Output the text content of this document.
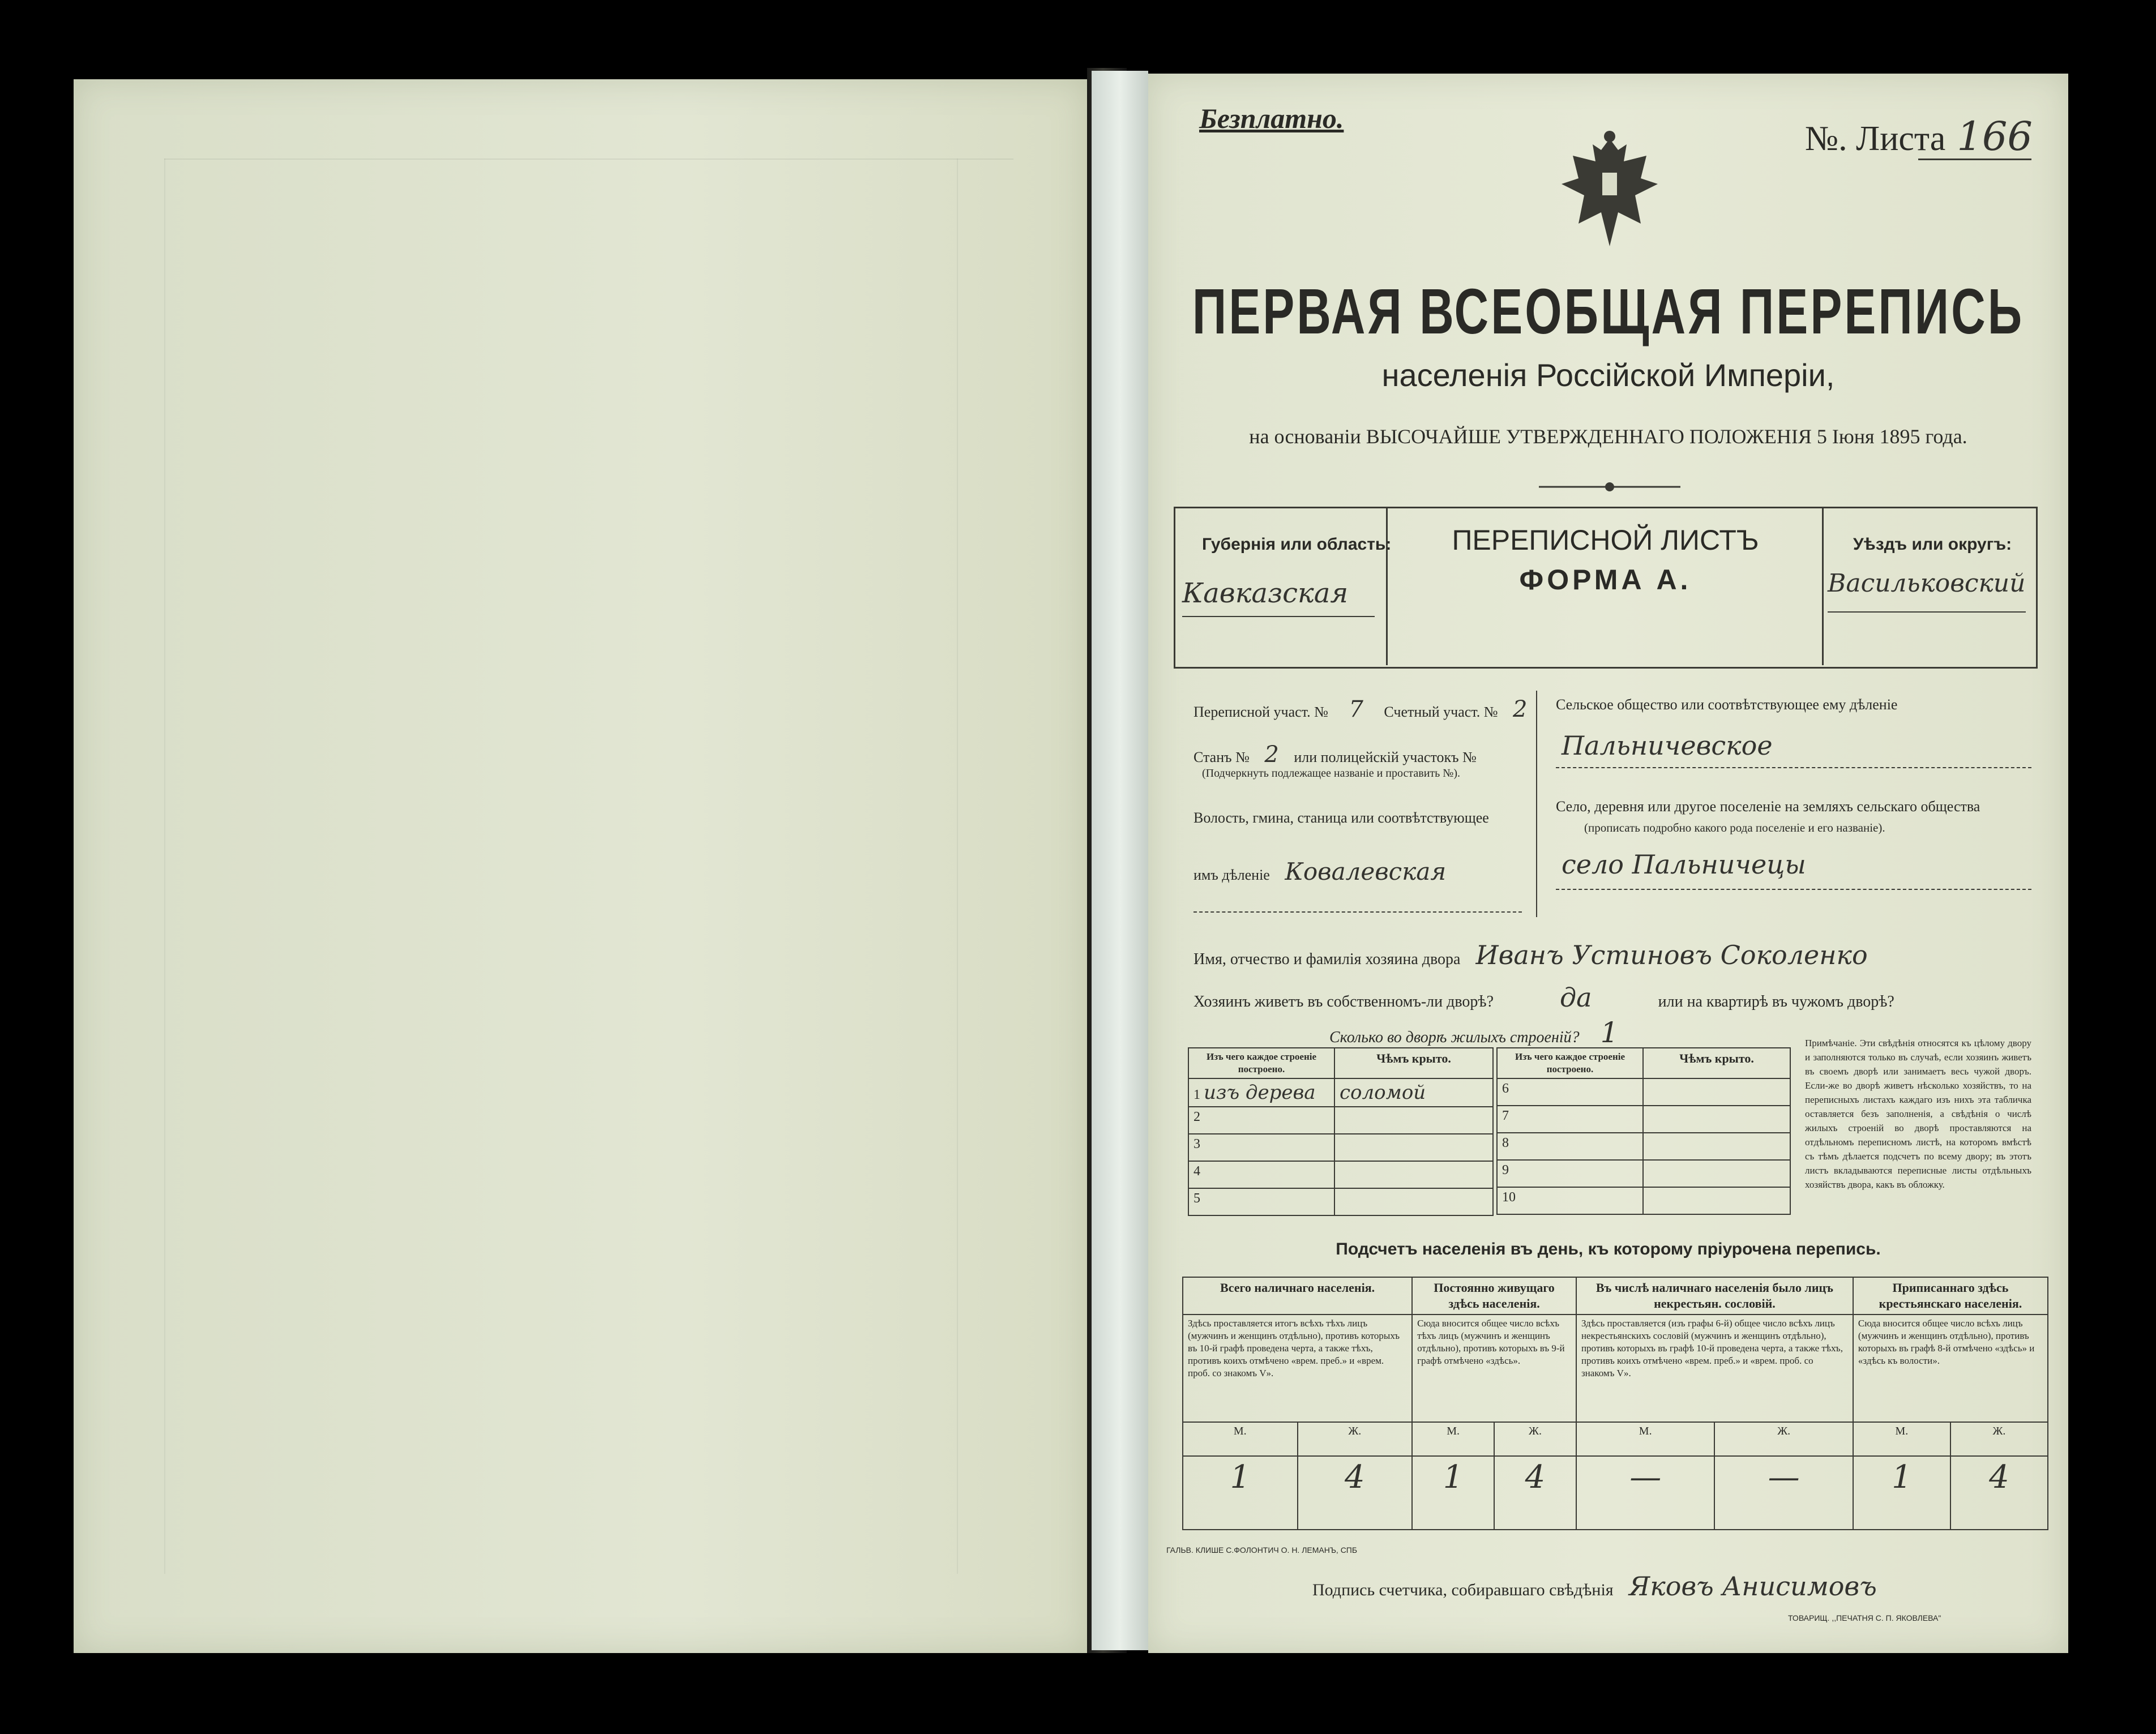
Безплатно.
№. Листа 166
ПЕРВАЯ ВСЕОБЩАЯ ПЕРЕПИСЬ
населенія Россійской Имперіи,
на основаніи ВЫСОЧАЙШЕ УТВЕРЖДЕННАГО ПОЛОЖЕНІЯ 5 Іюня 1895 года.
Губернія или область:
Кавказская
ПЕРЕПИСНОЙ ЛИСТЪ
ФОРМА А.
Уѣздъ или округъ:
Васильковский
Переписной участ. № 7 Счетный участ. № 2
Станъ № 2 или полицейскій участокъ №
(Подчеркнуть подлежащее названіе и проставить №).
Волость, гмина, станица или соотвѣтствующее
имъ дѣленіе Ковалевская
Сельское общество или соотвѣтствующее ему дѣленіе
Пальничевское
Село, деревня или другое поселеніе на земляхъ сельскаго общества
(прописать подробно какого рода поселеніе и его названіе).
село Пальничецы
Имя, отчество и фамилія хозяина двора Иванъ Устиновъ Соколенко
Хозяинъ живетъ въ собственномъ-ли дворѣ?	да	или на квартирѣ въ чужомъ дворѣ?
Сколько во дворѣ жилыхъ строеній? 1
Изъ чего каждое строеніе построено.	Чѣмъ крыто.
1 изъ дерева	соломой
2	
3	
4	
5	
Изъ чего каждое строеніе построено.	Чѣмъ крыто.
6	
7	
8	
9	
10	
Примѣчаніе. Эти свѣдѣнія относятся къ цѣлому двору и заполняются только въ случаѣ, если хозяинъ живетъ въ своемъ дворѣ или занимаетъ весь чужой дворъ. Если-же во дворѣ живетъ нѣсколько хозяйствъ, то на переписныхъ листахъ каждаго изъ нихъ эта табличка оставляется безъ заполненія, а свѣдѣнія о числѣ жилыхъ строеній во дворѣ проставляются на отдѣльномъ переписномъ листѣ, на которомъ вмѣстѣ съ тѣмъ дѣлается подсчетъ по всему двору; въ этотъ листъ вкладываются переписные листы отдѣльныхъ хозяйствъ двора, какъ въ обложку.
Подсчетъ населенія въ день, къ которому пріурочена перепись.
Всего наличнаго населенія.		Постоянно живущаго здѣсь населенія.		Въ числѣ наличнаго населенія было лицъ некрестьян. сословій.		Приписаннаго здѣсь крестьянскаго населенія.	
Здѣсь проставляется итогъ всѣхъ тѣхъ лицъ (мужчинъ и женщинъ отдѣльно), противъ которыхъ въ 10-й графѣ проведена черта, а также тѣхъ, противъ коихъ отмѣчено «врем. преб.» и «врем. проб. со знакомъ V».		Сюда вносится общее число всѣхъ тѣхъ лицъ (мужчинъ и женщинъ отдѣльно), противъ которыхъ въ 9-й графѣ отмѣчено «здѣсь».		Здѣсь проставляется (изъ графы 6-й) общее число всѣхъ лицъ некрестьянскихъ сословій (мужчинъ и женщинъ отдѣльно), противъ которыхъ въ графѣ 10-й проведена черта, а также тѣхъ, противъ коихъ отмѣчено «врем. преб.» и «врем. проб. со знакомъ V».		Сюда вносится общее число всѣхъ лицъ (мужчинъ и женщинъ отдѣльно), противъ которыхъ въ графѣ 8-й отмѣчено «здѣсь» и «здѣсь къ волости».	
М.	Ж.	М.	Ж.	М.	Ж.	М.	Ж.
1	4	1	4	—	—	1	4
Подпись счетчика, собиравшаго свѣдѣнія Яковъ Анисимовъ
ТОВАРИЩ. ,,ПЕЧАТНЯ С. П. ЯКОВЛЕВА"
ГАЛЬВ. КЛИШЕ С.ФОЛОНТИЧ О. Н. ЛЕМАНЪ, СПБ
